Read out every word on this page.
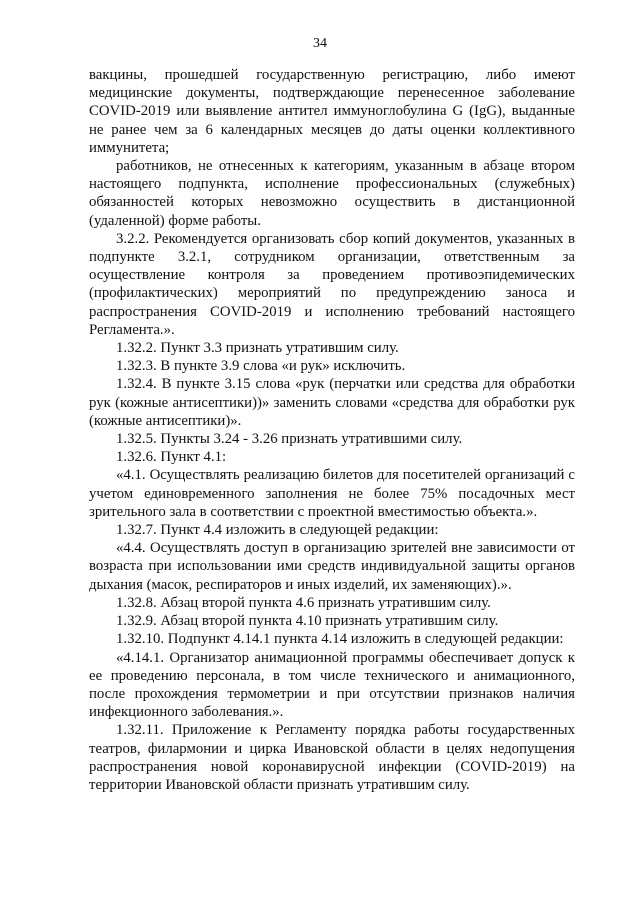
34

вакцины, прошедшей государственную регистрацию, либо имеют медицинские документы, подтверждающие перенесенное заболевание COVID-2019 или выявление антител иммуноглобулина G (IgG), выданные не ранее чем за 6 календарных месяцев до даты оценки коллективного иммунитета;

работников, не отнесенных к категориям, указанным в абзаце втором настоящего подпункта, исполнение профессиональных (служебных) обязанностей которых невозможно осуществить в дистанционной (удаленной) форме работы.

3.2.2. Рекомендуется организовать сбор копий документов, указанных в подпункте 3.2.1, сотрудником организации, ответственным за осуществление контроля за проведением противоэпидемических (профилактических) мероприятий по предупреждению заноса и распространения COVID-2019 и исполнению требований настоящего Регламента.».

1.32.2. Пункт 3.3 признать утратившим силу.

1.32.3. В пункте 3.9 слова «и рук» исключить.

1.32.4. В пункте 3.15 слова «рук (перчатки или средства для обработки рук (кожные антисептики))» заменить словами «средства для обработки рук (кожные антисептики)».

1.32.5. Пункты 3.24 - 3.26 признать утратившими силу.

1.32.6. Пункт 4.1:

«4.1. Осуществлять реализацию билетов для посетителей организаций с учетом единовременного заполнения не более 75% посадочных мест зрительного зала в соответствии с проектной вместимостью объекта.».

1.32.7. Пункт 4.4 изложить в следующей редакции:

«4.4. Осуществлять доступ в организацию зрителей вне зависимости от возраста при использовании ими средств индивидуальной защиты органов дыхания (масок, респираторов и иных изделий, их заменяющих).».

1.32.8. Абзац второй пункта 4.6 признать утратившим силу.

1.32.9. Абзац второй пункта 4.10 признать утратившим силу.

1.32.10. Подпункт 4.14.1 пункта 4.14 изложить в следующей редакции:

«4.14.1. Организатор анимационной программы обеспечивает допуск к ее проведению персонала, в том числе технического и анимационного, после прохождения термометрии и при отсутствии признаков наличия инфекционного заболевания.».

1.32.11. Приложение к Регламенту порядка работы государственных театров, филармонии и цирка Ивановской области в целях недопущения распространения новой коронавирусной инфекции (COVID-2019) на территории Ивановской области признать утратившим силу.
